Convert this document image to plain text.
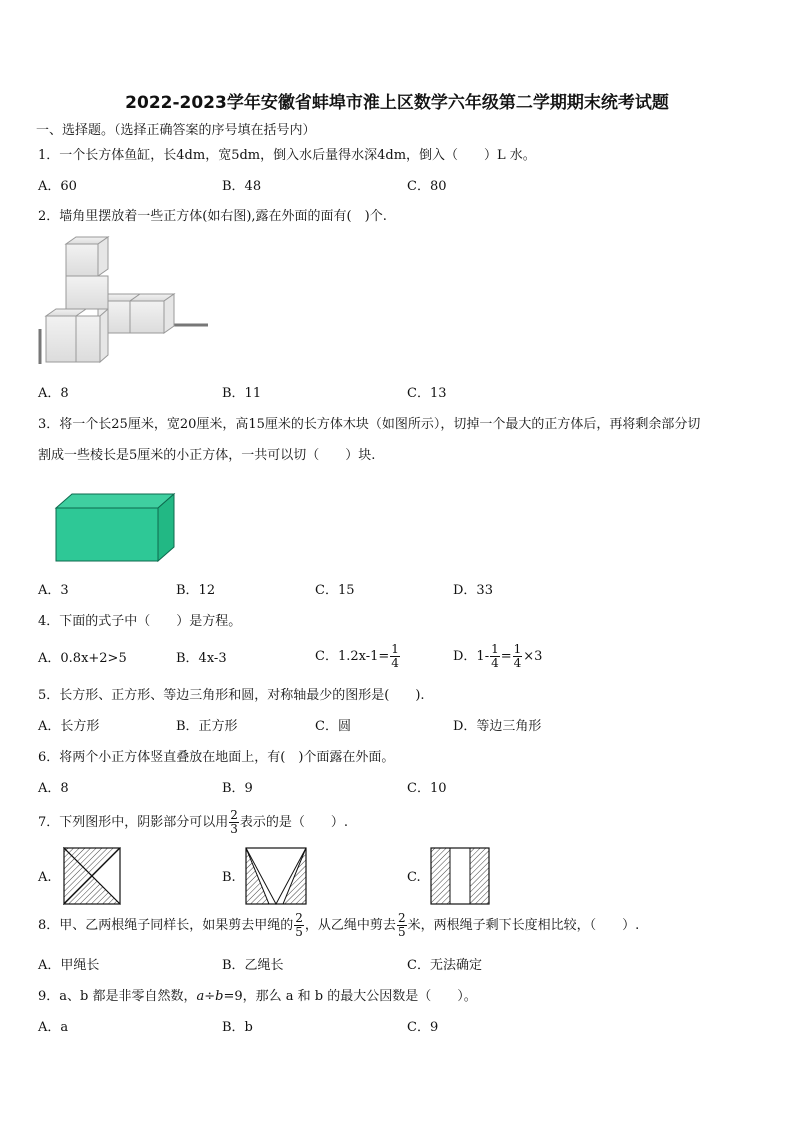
2022-2023学年安徽省蚌埠市淮上区数学六年级第二学期期末统考试题
一、选择题。（选择正确答案的序号填在括号内）
1．一个长方体鱼缸，长4dm，宽5dm，倒入水后量得水深4dm，倒入（　　）L 水。
A．60	B．48	C．80
2．墙角里摆放着一些正方体(如右图),露在外面的面有(　)个.
A．8	B．11	C．13
3．将一个长25厘米，宽20厘米，高15厘米的长方体木块（如图所示），切掉一个最大的正方体后，再将剩余部分切
割成一些棱长是5厘米的小正方体，一共可以切（　　）块.
A．3	B．12	C．15	D．33
4．下面的式子中（　　）是方程。
A．0.8x+2>5	B．4x-3	C．$1.2x-1= \frac{1}{4}$	D．$1- \frac{1}{4} = \frac{1}{4} \times 3$
5．长方形、正方形、等边三角形和圆，对称轴最少的图形是(　　).
A．长方形	B．正方形	C．圆	D．等边三角形
6．将两个小正方体竖直叠放在地面上，有(　)个面露在外面。
A．8	B．9	C．10
7．下列图形中，阴影部分可以用 $\frac{2}{3}$ 表示的是（　　）.
A.	B.	C.
8．甲、乙两根绳子同样长，如果剪去甲绳的 $\frac{2}{5}$ ，从乙绳中剪去 $\frac{2}{5}$ 米，两根绳子剩下长度相比较，（　　）.
A．甲绳长	B．乙绳长	C．无法确定
9．a、b 都是非零自然数， a ÷ b =9 ，那么 a 和 b 的最大公因数是（　　）。
A．a	B．b	C．9
